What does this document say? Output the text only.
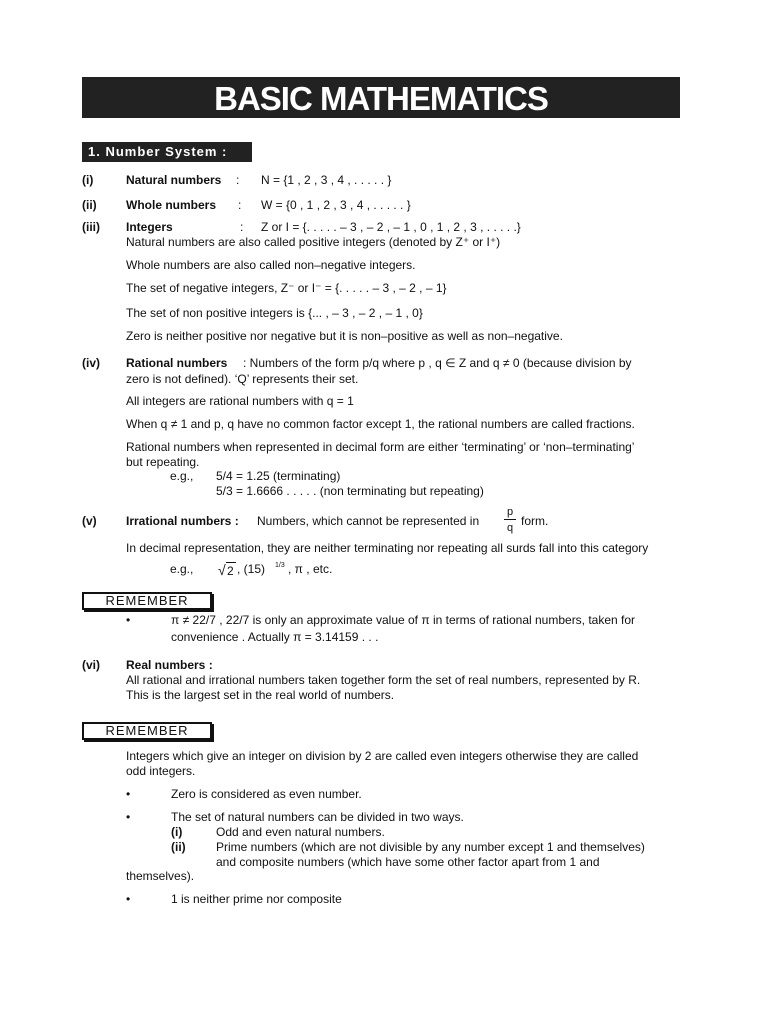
BASIC MATHEMATICS
1. Number System :
(i)	Natural numbers : N = {1 , 2 , 3 , 4 , . . . . . }
(ii) Whole numbers : W = {0 , 1 , 2 , 3 , 4 , . . . . . }
(iii) Integers	: Z or I = {. . . . . – 3 , – 2 , – 1 , 0 , 1 , 2 , 3 , . . . . .}
Natural numbers are also called positive integers (denoted by Z⁺ or I⁺)
Whole numbers are also called non–negative integers.
The set of negative integers, Z⁻ or I⁻ = {. . . . . – 3 , – 2 , – 1}
The set of non positive integers is {... , – 3 , – 2 , – 1 , 0}
Zero is neither positive nor negative but it is non–positive as well as non–negative.
(iv) Rational numbers : Numbers of the form p/q where p , q ∈ Z and q ≠ 0 (because division by
zero is not defined). ‘Q’ represents their set.
All integers are rational numbers with q = 1
When q ≠ 1 and p, q have no common factor except 1, the rational numbers are called fractions.
Rational numbers when represented in decimal form are either ‘terminating’ or ‘non–terminating’
but repeating.
e.g., 5/4 = 1.25 (terminating)
5/3 = 1.6666 . . . . . (non terminating but repeating)
(v) Irrational numbers : Numbers, which cannot be represented in
p
q form.
In decimal representation, they are neither terminating nor repeating all surds fall into this category
e.g., √ 2 , (15) 1/3 , π , etc.
REMEMBER
•	π ≠ 22/7 , 22/7 is only an approximate value of π in terms of rational numbers, taken for
convenience . Actually π = 3.14159 . . .
(vi) Real numbers :
All rational and irrational numbers taken together form the set of real numbers, represented by R.
This is the largest set in the real world of numbers.
REMEMBER
Integers which give an integer on division by 2 are called even integers otherwise they are called
odd integers.
•	Zero is considered as even number.
•	The set of natural numbers can be divided in two ways.
(i)	Odd and even natural numbers.
(ii)	Prime numbers (which are not divisible by any number except 1 and themselves)
and composite numbers (which have some other factor apart from 1 and
themselves).
•	1 is neither prime nor composite
